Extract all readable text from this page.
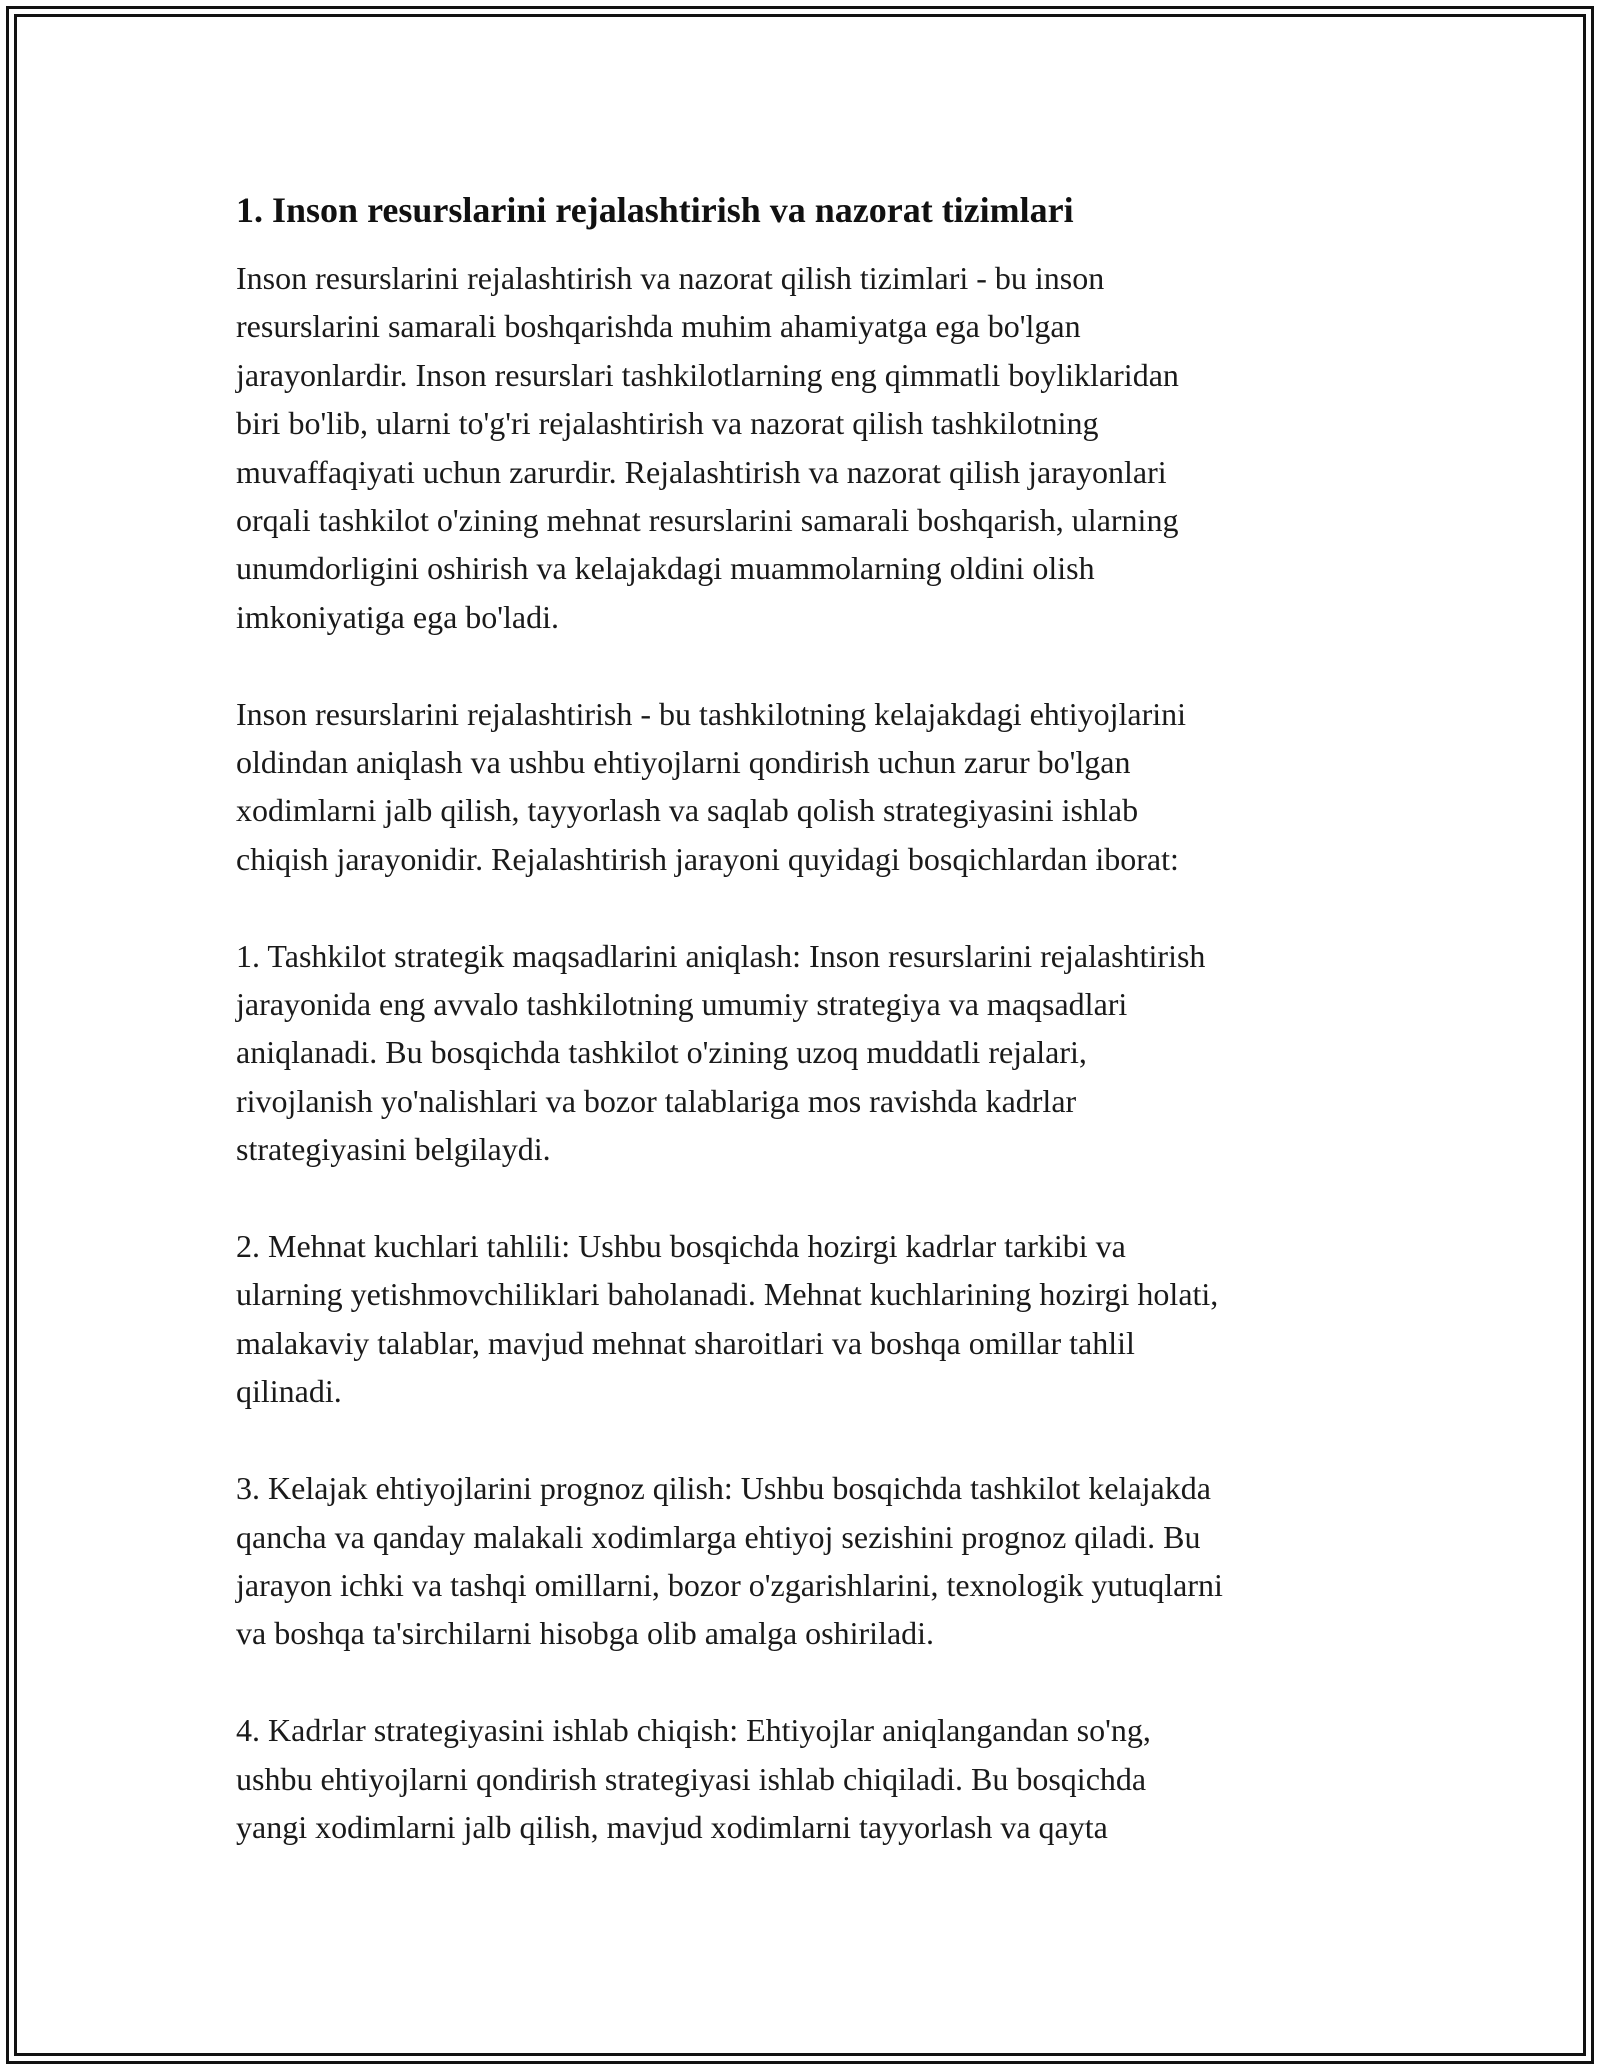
1. Inson resurslarini rejalashtirish va nazorat tizimlari

Inson resurslarini rejalashtirish va nazorat qilish tizimlari - bu inson
resurslarini samarali boshqarishda muhim ahamiyatga ega bo'lgan
jarayonlardir. Inson resurslari tashkilotlarning eng qimmatli boyliklaridan
biri bo'lib, ularni to'g'ri rejalashtirish va nazorat qilish tashkilotning
muvaffaqiyati uchun zarurdir. Rejalashtirish va nazorat qilish jarayonlari
orqali tashkilot o'zining mehnat resurslarini samarali boshqarish, ularning
unumdorligini oshirish va kelajakdagi muammolarning oldini olish
imkoniyatiga ega bo'ladi.

Inson resurslarini rejalashtirish - bu tashkilotning kelajakdagi ehtiyojlarini
oldindan aniqlash va ushbu ehtiyojlarni qondirish uchun zarur bo'lgan
xodimlarni jalb qilish, tayyorlash va saqlab qolish strategiyasini ishlab
chiqish jarayonidir. Rejalashtirish jarayoni quyidagi bosqichlardan iborat:

1. Tashkilot strategik maqsadlarini aniqlash: Inson resurslarini rejalashtirish
jarayonida eng avvalo tashkilotning umumiy strategiya va maqsadlari
aniqlanadi. Bu bosqichda tashkilot o'zining uzoq muddatli rejalari,
rivojlanish yo'nalishlari va bozor talablariga mos ravishda kadrlar
strategiyasini belgilaydi.

2. Mehnat kuchlari tahlili: Ushbu bosqichda hozirgi kadrlar tarkibi va
ularning yetishmovchiliklari baholanadi. Mehnat kuchlarining hozirgi holati,
malakaviy talablar, mavjud mehnat sharoitlari va boshqa omillar tahlil
qilinadi.

3. Kelajak ehtiyojlarini prognoz qilish: Ushbu bosqichda tashkilot kelajakda
qancha va qanday malakali xodimlarga ehtiyoj sezishini prognoz qiladi. Bu
jarayon ichki va tashqi omillarni, bozor o'zgarishlarini, texnologik yutuqlarni
va boshqa ta'sirchilarni hisobga olib amalga oshiriladi.

4. Kadrlar strategiyasini ishlab chiqish: Ehtiyojlar aniqlangandan so'ng,
ushbu ehtiyojlarni qondirish strategiyasi ishlab chiqiladi. Bu bosqichda
yangi xodimlarni jalb qilish, mavjud xodimlarni tayyorlash va qayta
